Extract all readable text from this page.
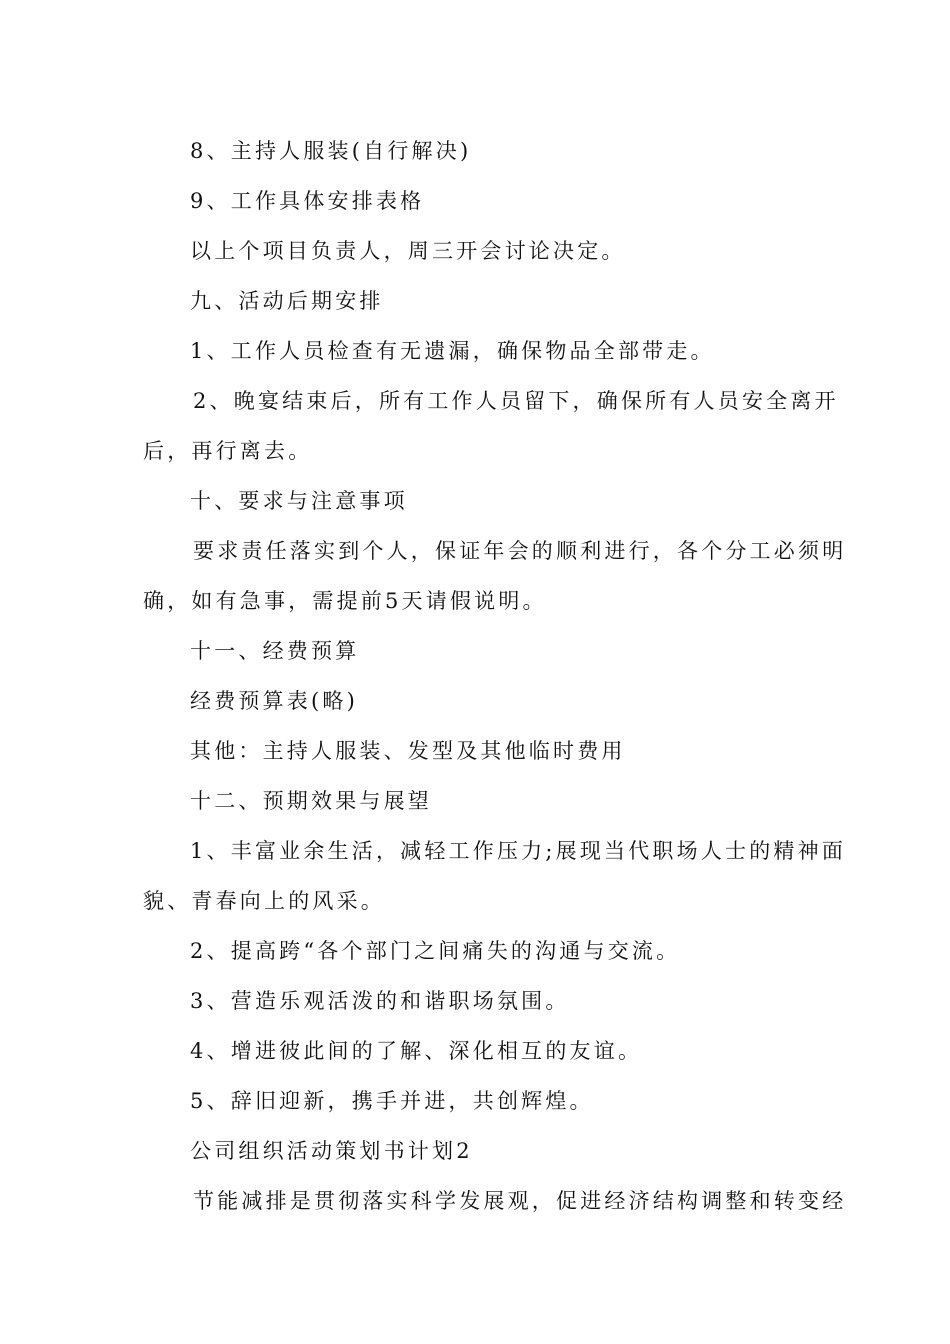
8、主持人服装(自行解决)
9、工作具体安排表格
以上个项目负责人，周三开会讨论决定。
九、活动后期安排
1、工作人员检查有无遗漏，确保物品全部带走。
2、晚宴结束后，所有工作人员留下，确保所有人员安全离开
后，再行离去。
十、要求与注意事项
要求责任落实到个人，保证年会的顺利进行，各个分工必须明
确，如有急事，需提前5天请假说明。
十一、经费预算
经费预算表(略)
其他：主持人服装、发型及其他临时费用
十二、预期效果与展望
1、丰富业余生活，减轻工作压力;展现当代职场人士的精神面
貌、青春向上的风采。
2、提高跨“各个部门之间痛失的沟通与交流。
3、营造乐观活泼的和谐职场氛围。
4、增进彼此间的了解、深化相互的友谊。
5、辞旧迎新，携手并进，共创辉煌。
公司组织活动策划书计划2
节能减排是贯彻落实科学发展观，促进经济结构调整和转变经
